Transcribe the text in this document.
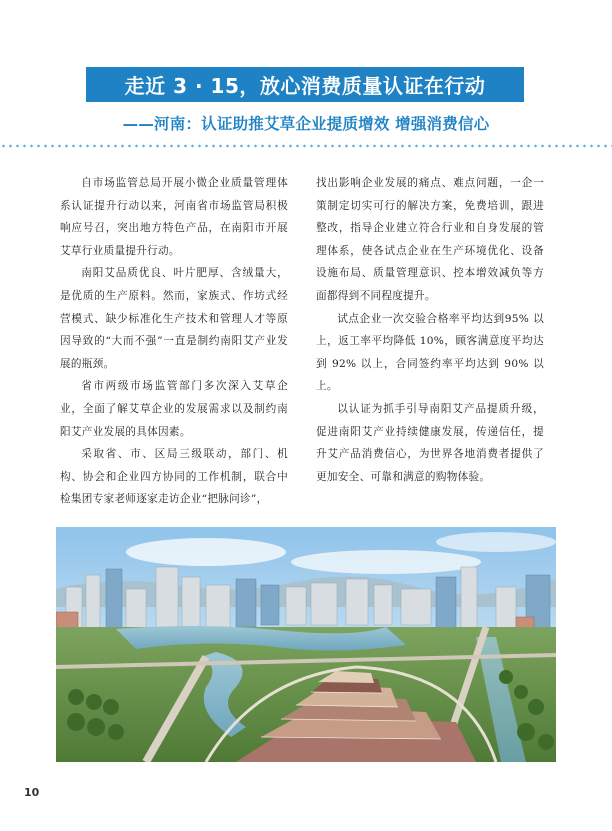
走近 3 · 15，放心消费质量认证在行动
——河南：认证助推艾草企业提质增效 增强消费信心

自市场监管总局开展小微企业质量管理体系认证提升行动以来，河南省市场监管局积极响应号召，突出地方特色产品，在南阳市开展艾草行业质量提升行动。

南阳艾品质优良、叶片肥厚、含绒量大，是优质的生产原料。然而，家族式、作坊式经营模式、缺少标准化生产技术和管理人才等原因导致的“大而不强”一直是制约南阳艾产业发展的瓶颈。

省市两级市场监管部门多次深入艾草企业，全面了解艾草企业的发展需求以及制约南阳艾产业发展的具体因素。

采取省、市、区局三级联动，部门、机构、协会和企业四方协同的工作机制，联合中检集团专家老师逐家走访企业“把脉问诊”，

找出影响企业发展的痛点、难点问题，一企一策制定切实可行的解决方案，免费培训，跟进整改，指导企业建立符合行业和自身发展的管理体系，使各试点企业在生产环境优化、设备设施布局、质量管理意识、控本增效减负等方面都得到不同程度提升。

试点企业一次交验合格率平均达到95% 以上，返工率平均降低 10%，顾客满意度平均达到 92% 以上，合同签约率平均达到 90% 以上。

以认证为抓手引导南阳艾产品提质升级，促进南阳艾产业持续健康发展，传递信任，提升艾产品消费信心，为世界各地消费者提供了更加安全、可靠和满意的购物体验。

10
